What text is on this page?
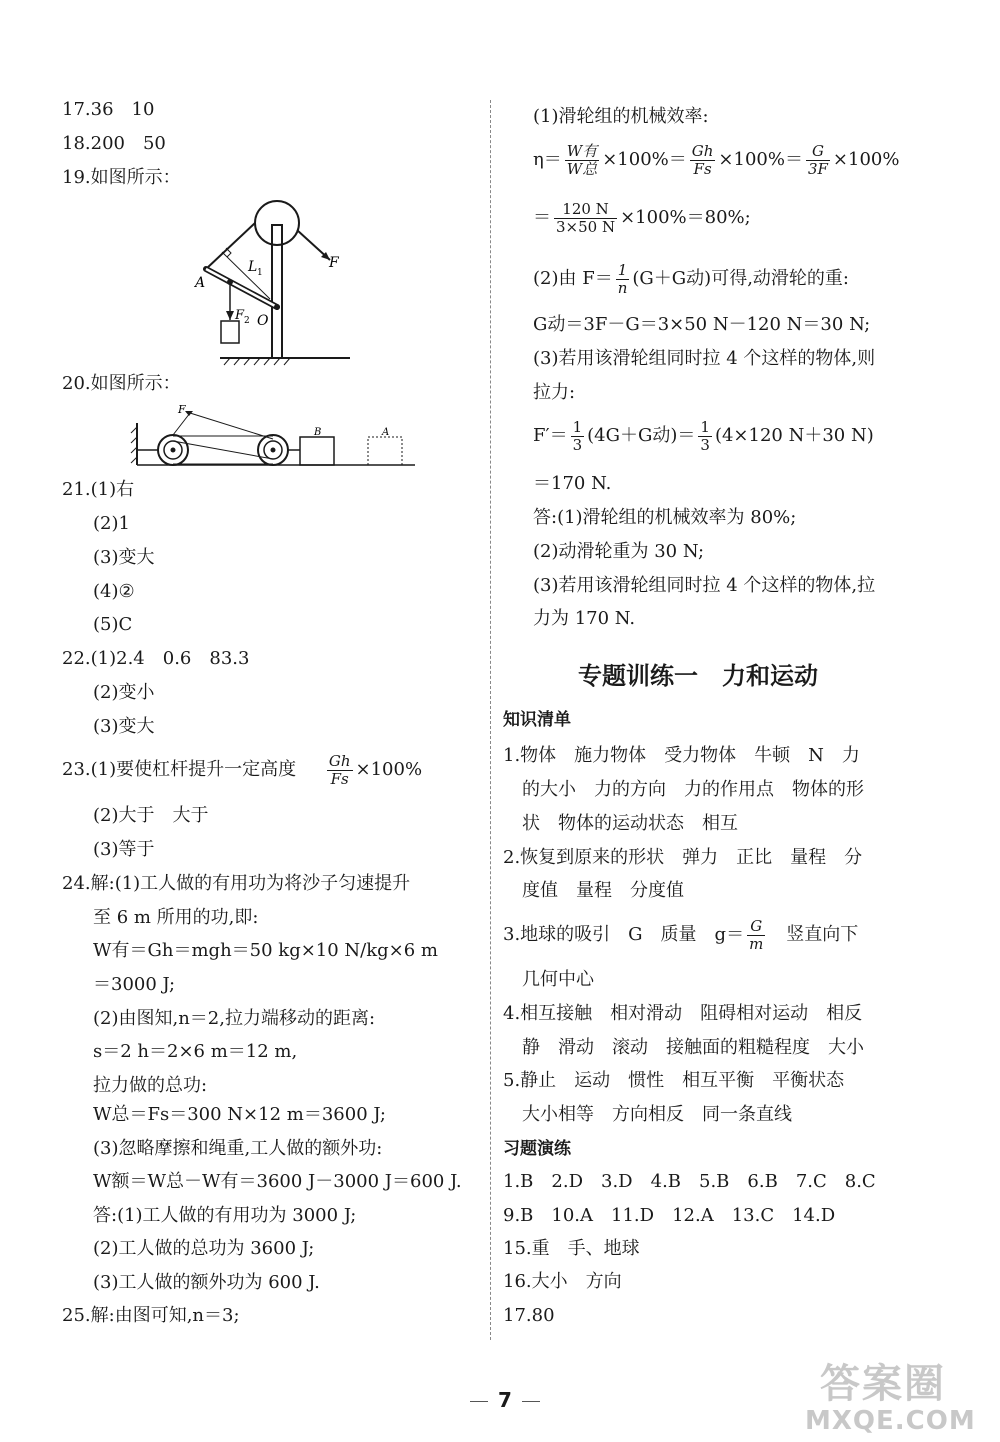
17.36　10
18.200　50
19.如图所示：
F
L 1
A
O
F 2
20.如图所示：
F
B	A
21.(1)右
(2)1
(3)变大
(4)②
(5)C
22.(1)2.4　0.6　83.3
(2)变小
(3)变大
23.(1)要使杠杆提升一定高度 $\frac{Gh}{Fs} \times 100\%$
(2)大于　大于
(3)等于
24.解:(1)工人做的有用功为将沙子匀速提升
至 6 m 所用的功,即:
W有＝Gh＝mgh＝50 kg×10 N/kg×6 m
＝3000 J;
(2)由图知,n＝2,拉力端移动的距离:
s＝2 h＝2×6 m＝12 m,
拉力做的总功:
W总＝Fs＝300 N×12 m＝3600 J;
(3)忽略摩擦和绳重,工人做的额外功:
W额＝W总－W有＝3600 J－3000 J＝600 J.
答:(1)工人做的有用功为 3000 J;
(2)工人做的总功为 3600 J;
(3)工人做的额外功为 600 J.
25.解:由图可知,n＝3;
(1)滑轮组的机械效率:
$\eta= \frac{\text{W有}}{\text{W总}} \times 100\%= \frac{Gh}{Fs} \times 100\%= \frac{G}{3F} \times 100\%$
＝ $\frac{120 N}{3\times 50 N} \times 100\%=80\%$;
(2)由 $F= \frac{1}{n} (G+G$动)可得,动滑轮的重:
G动＝3F－G＝3×50 N－120 N＝30 N;
(3)若用该滑轮组同时拉 4 个这样的物体,则
拉力:
$F'= \frac{1}{3} (4G+G$动)＝ $\frac{1}{3} (4\times 120$ N＋30 N)
＝170 N.
答:(1)滑轮组的机械效率为 80%;
(2)动滑轮重为 30 N;
(3)若用该滑轮组同时拉 4 个这样的物体,拉
力为 170 N.
专题训练一　力和运动
知识清单
1.物体　施力物体　受力物体　牛顿　N　力
的大小　力的方向　力的作用点　物体的形
状　物体的运动状态　相互
2.恢复到原来的形状　弹力　正比　量程　分
度值　量程　分度值
3.地球的吸引　G　质量　$g= \frac{G}{m}$ 　竖直向下
几何中心
4.相互接触　相对滑动　阻碍相对运动　相反
静　滑动　滚动　接触面的粗糙程度　大小
5.静止　运动　惯性　相互平衡　平衡状态
大小相等　方向相反　同一条直线
习题演练
1.B　2.D　3.D　4.B　5.B　6.B　7.C　8.C
9.B　10.A　11.D　12.A　13.C　14.D
15.重　手、地球
16.大小　方向
17.80
7	答案圈
MXQE.COM
